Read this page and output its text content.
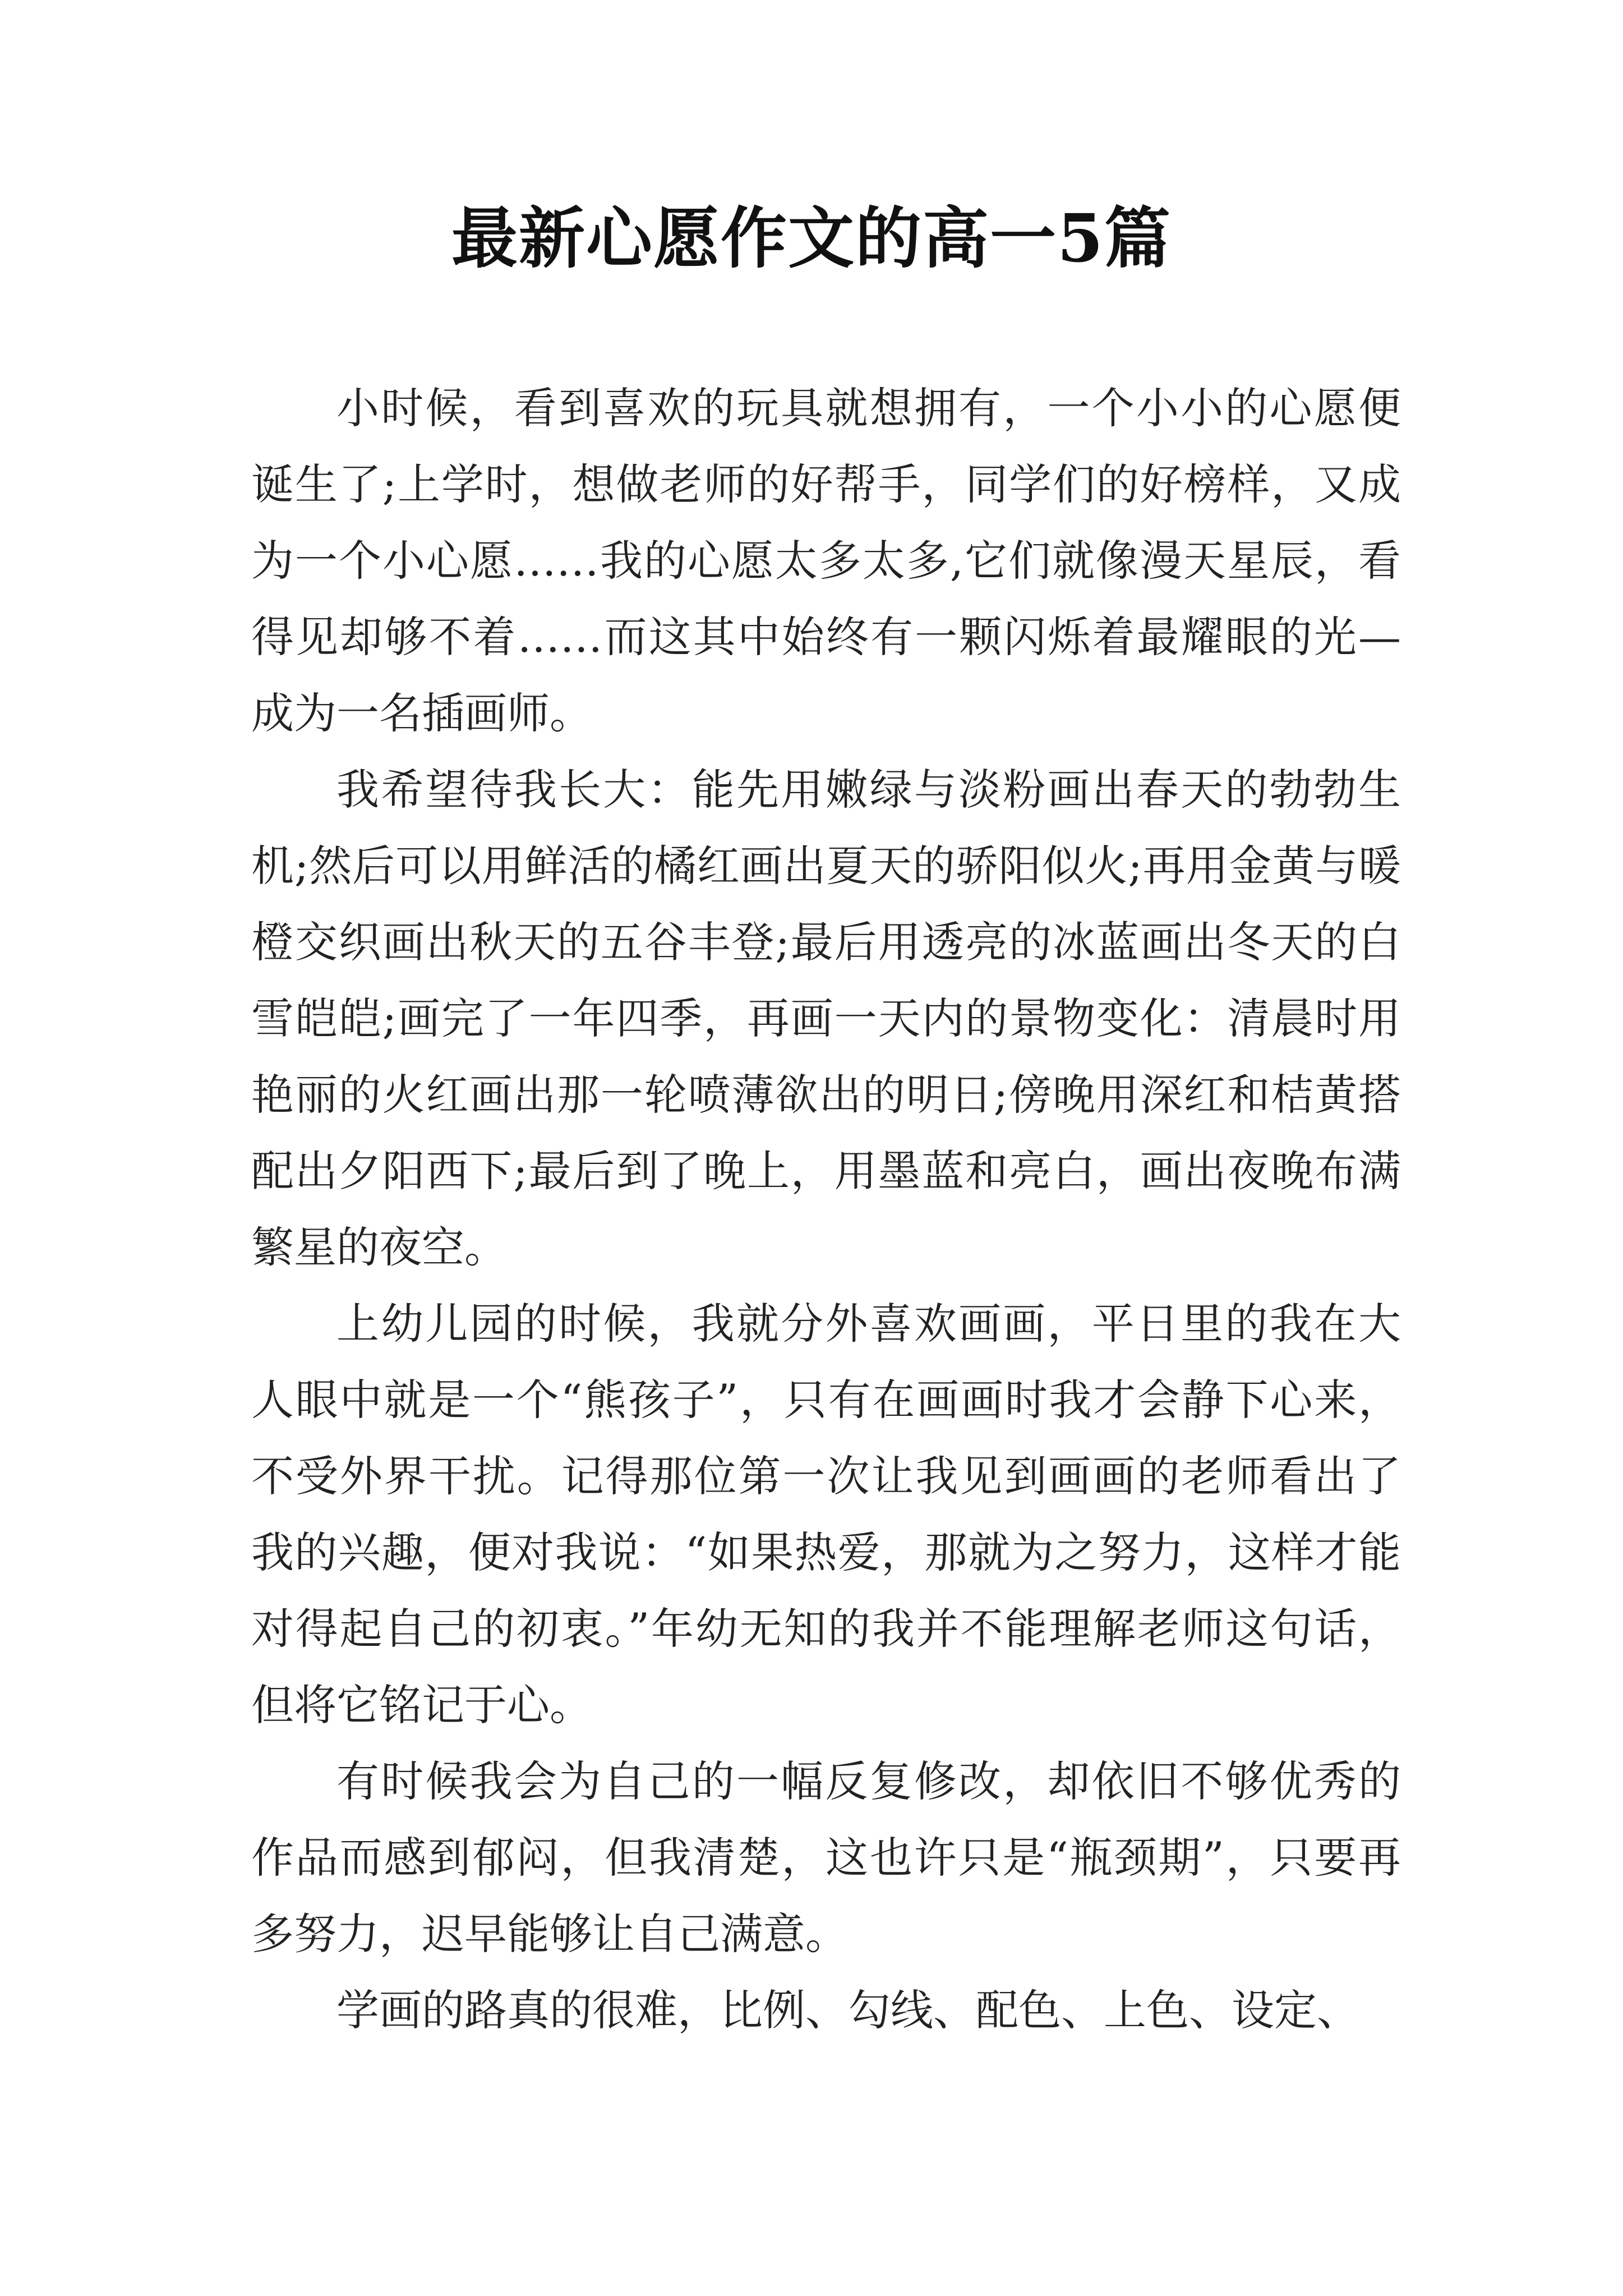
最新心愿作文的高一5篇

小时候，看到喜欢的玩具就想拥有，一个小小的心愿便诞生了;上学时，想做老师的好帮手，同学们的好榜样，又成为一个小心愿……我的心愿太多太多,它们就像漫天星辰，看得见却够不着……而这其中始终有一颗闪烁着最耀眼的光—成为一名插画师。

我希望待我长大：能先用嫩绿与淡粉画出春天的勃勃生机;然后可以用鲜活的橘红画出夏天的骄阳似火;再用金黄与暖橙交织画出秋天的五谷丰登;最后用透亮的冰蓝画出冬天的白雪皑皑;画完了一年四季，再画一天内的景物变化：清晨时用艳丽的火红画出那一轮喷薄欲出的明日;傍晚用深红和桔黄搭配出夕阳西下;最后到了晚上，用墨蓝和亮白，画出夜晚布满繁星的夜空。

上幼儿园的时候，我就分外喜欢画画，平日里的我在大人眼中就是一个“熊孩子”，只有在画画时我才会静下心来，不受外界干扰。记得那位第一次让我见到画画的老师看出了我的兴趣，便对我说：“如果热爱，那就为之努力，这样才能对得起自己的初衷。”年幼无知的我并不能理解老师这句话，但将它铭记于心。

有时候我会为自己的一幅反复修改，却依旧不够优秀的作品而感到郁闷，但我清楚，这也许只是“瓶颈期”，只要再多努力，迟早能够让自己满意。

学画的路真的很难，比例、勾线、配色、上色、设定、
